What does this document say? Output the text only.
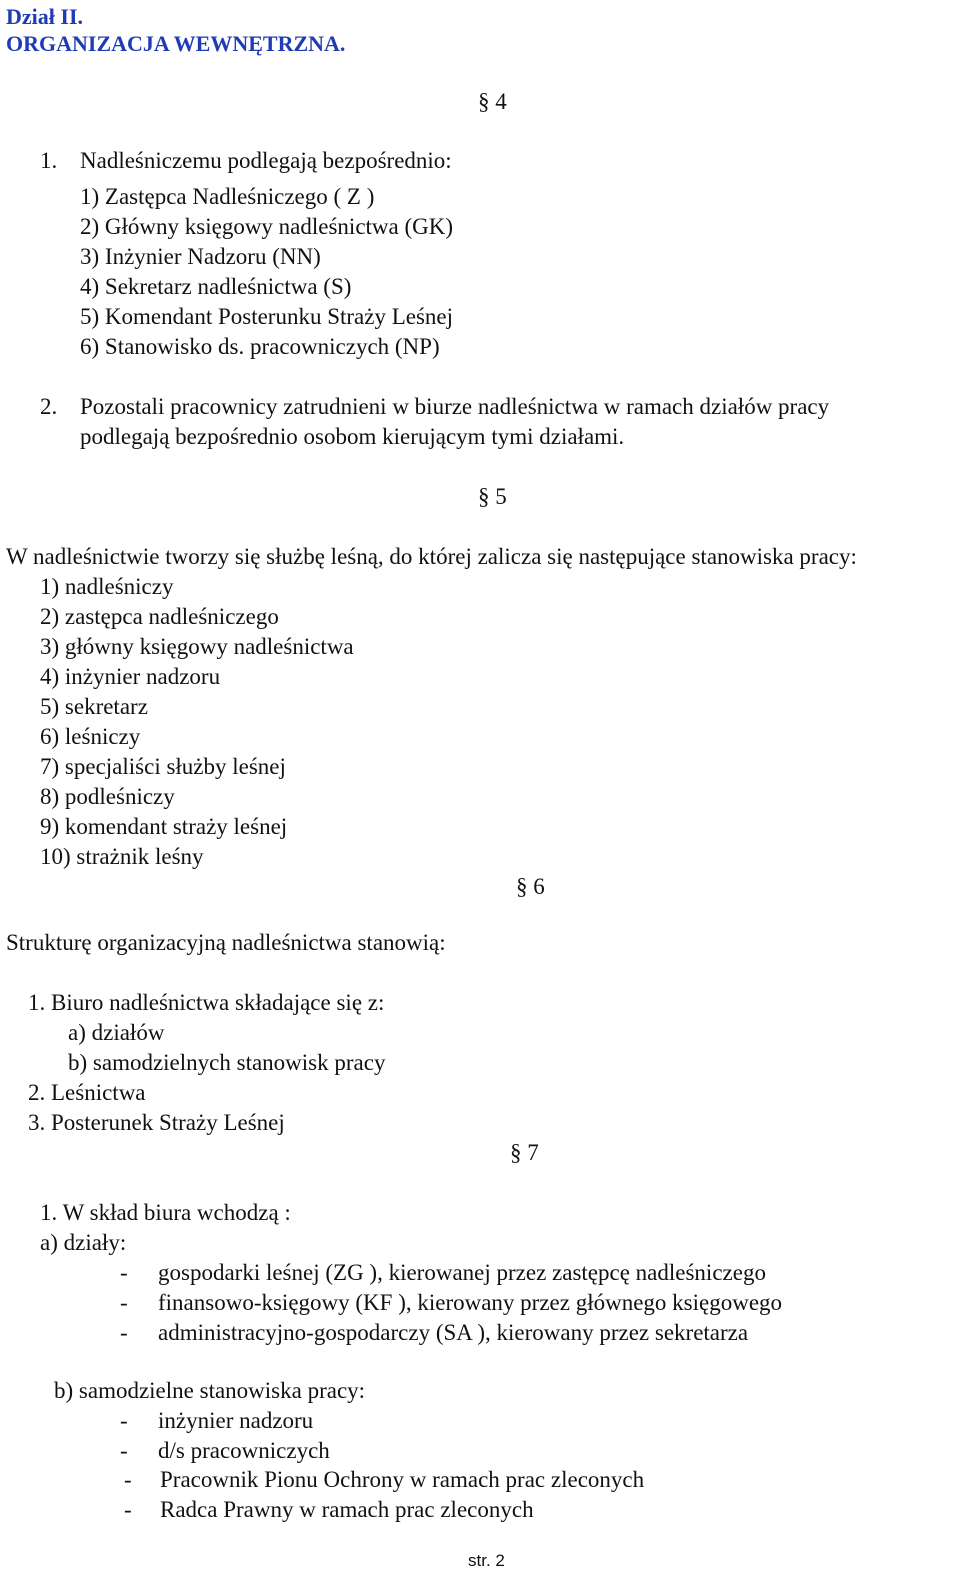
Dział II.
ORGANIZACJA WEWNĘTRZNA.
§ 4
1. Nadleśniczemu podlegają bezpośrednio:
1) Zastępca Nadleśniczego ( Z )
2) Główny księgowy nadleśnictwa (GK)
3) Inżynier Nadzoru (NN)
4) Sekretarz nadleśnictwa (S)
5) Komendant Posterunku Straży Leśnej
6) Stanowisko ds. pracowniczych (NP)
2. Pozostali pracownicy zatrudnieni w biurze nadleśnictwa w ramach działów pracy
podlegają bezpośrednio osobom kierującym tymi działami.
§ 5
W nadleśnictwie tworzy się służbę leśną, do której zalicza się następujące stanowiska pracy:
1) nadleśniczy
2) zastępca nadleśniczego
3) główny księgowy nadleśnictwa
4) inżynier nadzoru
5) sekretarz
6) leśniczy
7) specjaliści służby leśnej
8) podleśniczy
9) komendant straży leśnej
10) strażnik leśny
§ 6
Strukturę organizacyjną nadleśnictwa stanowią:
1. Biuro nadleśnictwa składające się z:
a) działów
b) samodzielnych stanowisk pracy
2. Leśnictwa
3. Posterunek Straży Leśnej
§ 7
1. W skład biura wchodzą :
a) działy:
- gospodarki leśnej (ZG ), kierowanej przez zastępcę nadleśniczego
- finansowo-księgowy (KF ), kierowany przez głównego księgowego
- administracyjno-gospodarczy (SA ), kierowany przez sekretarza
b) samodzielne stanowiska pracy:
- inżynier nadzoru
- d/s pracowniczych
- Pracownik Pionu Ochrony w ramach prac zleconych
- Radca Prawny w ramach prac zleconych
str. 2
